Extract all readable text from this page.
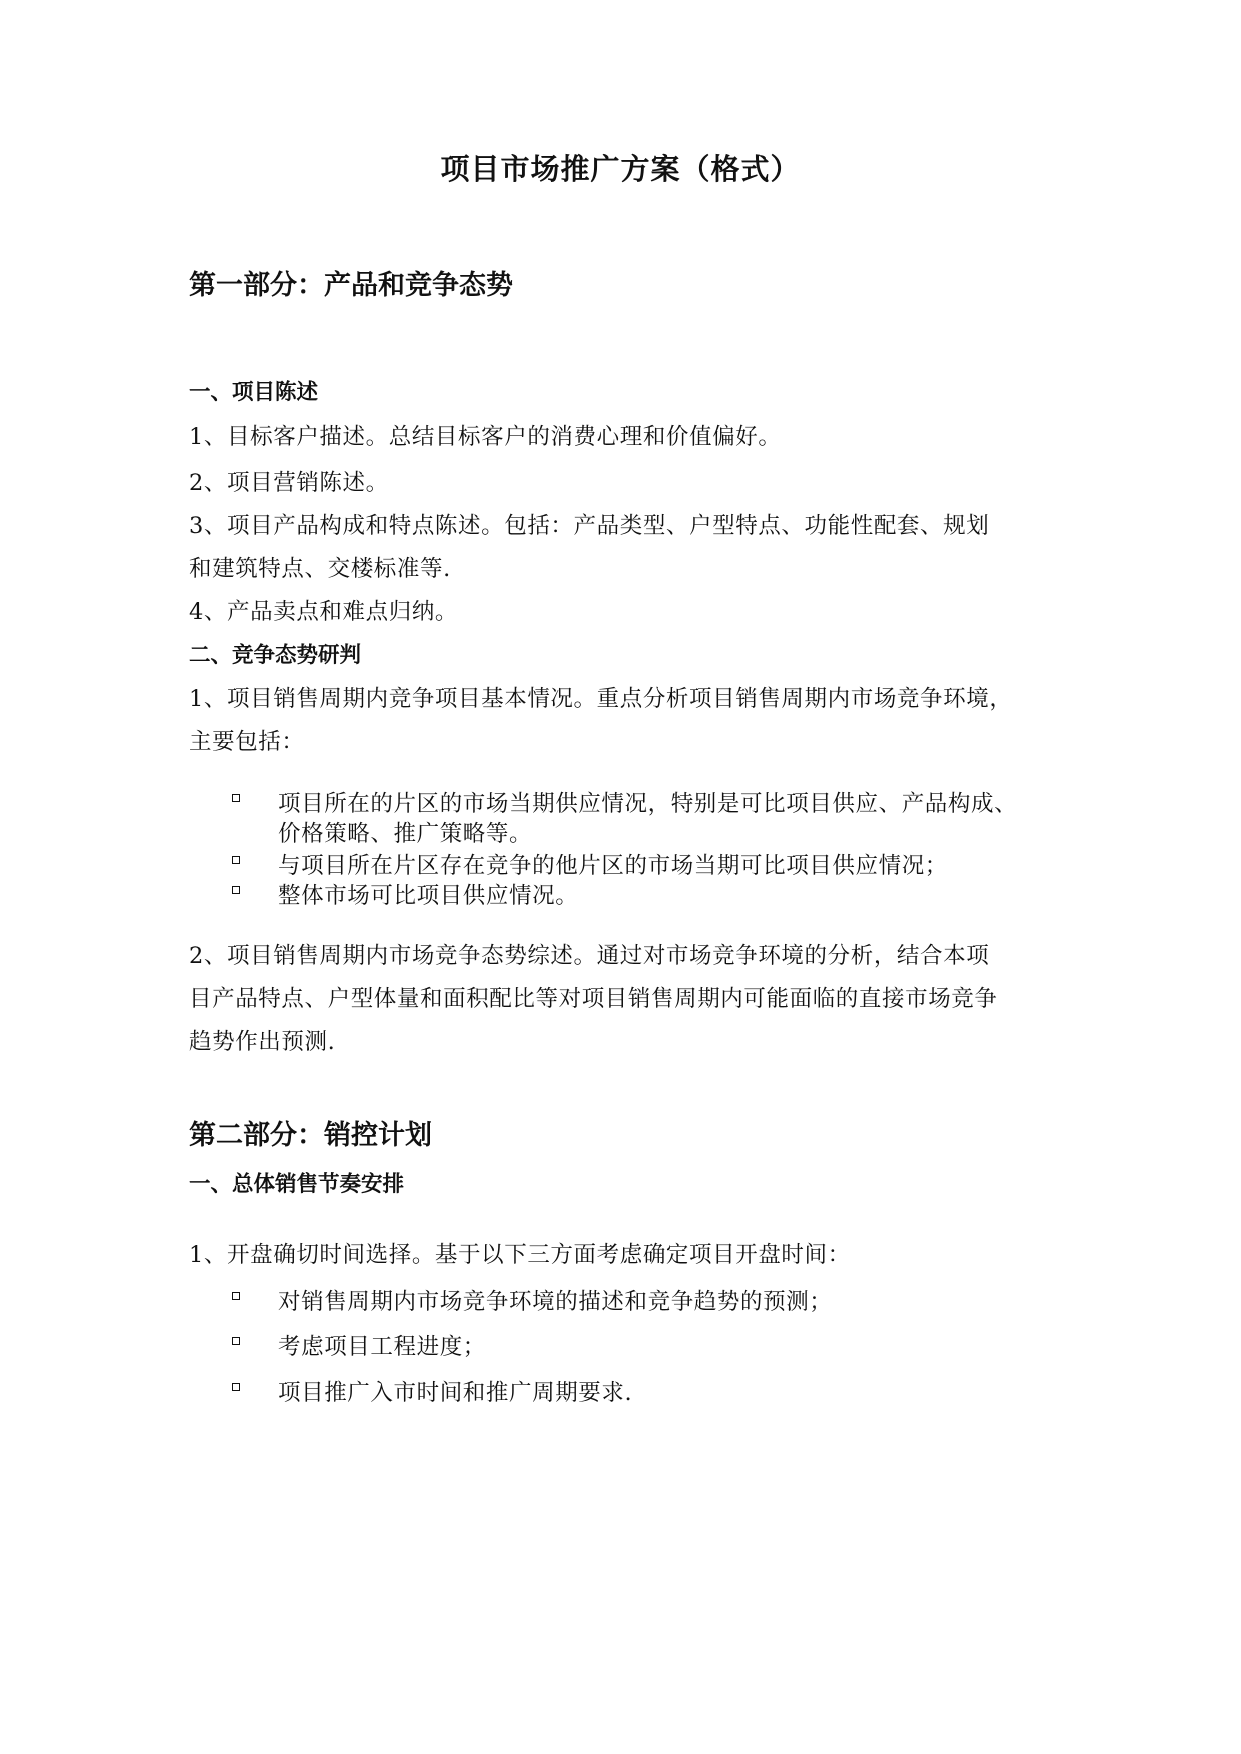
项目市场推广方案（格式）
第一部分：产品和竞争态势
一、项目陈述

1、目标客户描述。总结目标客户的消费心理和价值偏好。

2、项目营销陈述。

3、项目产品构成和特点陈述。包括：产品类型、户型特点、功能性配套、规划

和建筑特点、交楼标准等.

4、产品卖点和难点归纳。

二、竞争态势研判

1、项目销售周期内竞争项目基本情况。重点分析项目销售周期内市场竞争环境，

主要包括：

项目所在的片区的市场当期供应情况，特别是可比项目供应、产品构成、
价格策略、推广策略等。
与项目所在片区存在竞争的他片区的市场当期可比项目供应情况；
整体市场可比项目供应情况。

2、项目销售周期内市场竞争态势综述。通过对市场竞争环境的分析，结合本项

目产品特点、户型体量和面积配比等对项目销售周期内可能面临的直接市场竞争

趋势作出预测.

第二部分：销控计划
一、总体销售节奏安排

1、开盘确切时间选择。基于以下三方面考虑确定项目开盘时间：

对销售周期内市场竞争环境的描述和竞争趋势的预测；
考虑项目工程进度；
项目推广入市时间和推广周期要求.
